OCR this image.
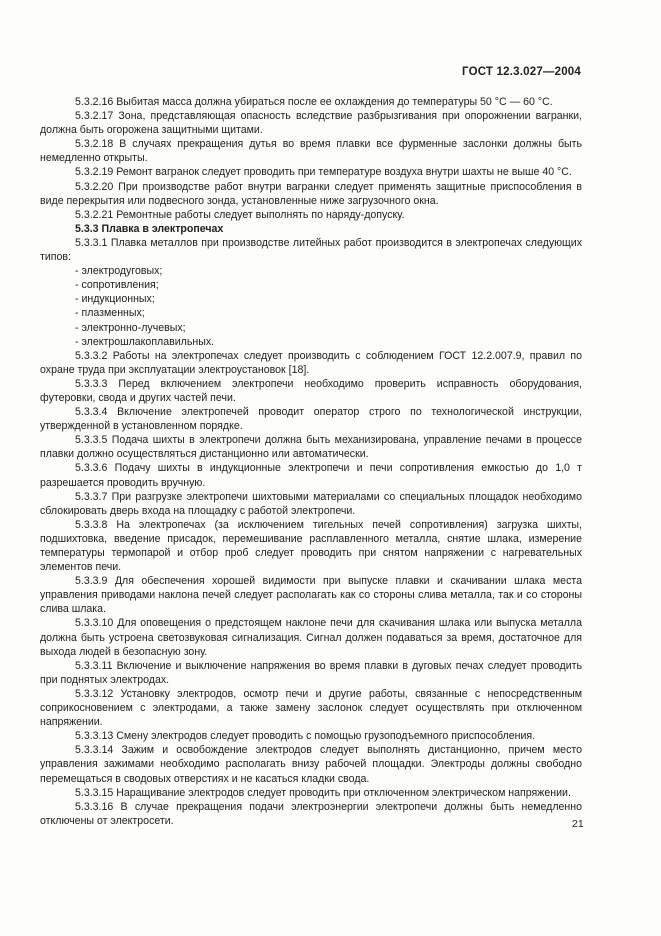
ГОСТ 12.3.027—2004

5.3.2.16 Выбитая масса должна убираться после ее охлаждения до температуры 50 °C — 60 °C.

5.3.2.17 Зона, представляющая опасность вследствие разбрызгивания при опорожнении вагранки, должна быть огорожена защитными щитами.

5.3.2.18 В случаях прекращения дутья во время плавки все фурменные заслонки должны быть немедленно открыты.

5.3.2.19 Ремонт вагранок следует проводить при температуре воздуха внутри шахты не выше 40 °C.

5.3.2.20 При производстве работ внутри вагранки следует применять защитные приспособления в виде перекрытия или подвесного зонда, установленные ниже загрузочного окна.

5.3.2.21 Ремонтные работы следует выполнять по наряду-допуску.

5.3.3 Плавка в электропечах

5.3.3.1 Плавка металлов при производстве литейных работ производится в электропечах следующих типов:

- электродуговых;
- сопротивления;
- индукционных;
- плазменных;
- электронно-лучевых;
- электрошлакоплавильных.

5.3.3.2 Работы на электропечах следует производить с соблюдением ГОСТ 12.2.007.9, правил по охране труда при эксплуатации электроустановок [18].

5.3.3.3 Перед включением электропечи необходимо проверить исправность оборудования, футеровки, свода и других частей печи.

5.3.3.4 Включение электропечей проводит оператор строго по технологической инструкции, утвержденной в установленном порядке.

5.3.3.5 Подача шихты в электропечи должна быть механизирована, управление печами в процессе плавки должно осуществляться дистанционно или автоматически.

5.3.3.6 Подачу шихты в индукционные электропечи и печи сопротивления емкостью до 1,0 т разрешается проводить вручную.

5.3.3.7 При разгрузке электропечи шихтовыми материалами со специальных площадок необходимо сблокировать дверь входа на площадку с работой электропечи.

5.3.3.8 На электропечах (за исключением тигельных печей сопротивления) загрузка шихты, подшихтовка, введение присадок, перемешивание расплавленного металла, снятие шлака, измерение температуры термопарой и отбор проб следует проводить при снятом напряжении с нагревательных элементов печи.

5.3.3.9 Для обеспечения хорошей видимости при выпуске плавки и скачивании шлака места управления приводами наклона печей следует располагать как со стороны слива металла, так и со стороны слива шлака.

5.3.3.10 Для оповещения о предстоящем наклоне печи для скачивания шлака или выпуска металла должна быть устроена светозвуковая сигнализация. Сигнал должен подаваться за время, достаточное для выхода людей в безопасную зону.

5.3.3.11 Включение и выключение напряжения во время плавки в дуговых печах следует проводить при поднятых электродах.

5.3.3.12 Установку электродов, осмотр печи и другие работы, связанные с непосредственным соприкосновением с электродами, а также замену заслонок следует осуществлять при отключенном напряжении.

5.3.3.13 Смену электродов следует проводить с помощью грузоподъемного приспособления.

5.3.3.14 Зажим и освобождение электродов следует выполнять дистанционно, причем место управления зажимами необходимо располагать внизу рабочей площадки. Электроды должны свободно перемещаться в сводовых отверстиях и не касаться кладки свода.

5.3.3.15 Наращивание электродов следует проводить при отключенном электрическом напряжении.

5.3.3.16 В случае прекращения подачи электроэнергии электропечи должны быть немедленно отключены от электросети.	21
